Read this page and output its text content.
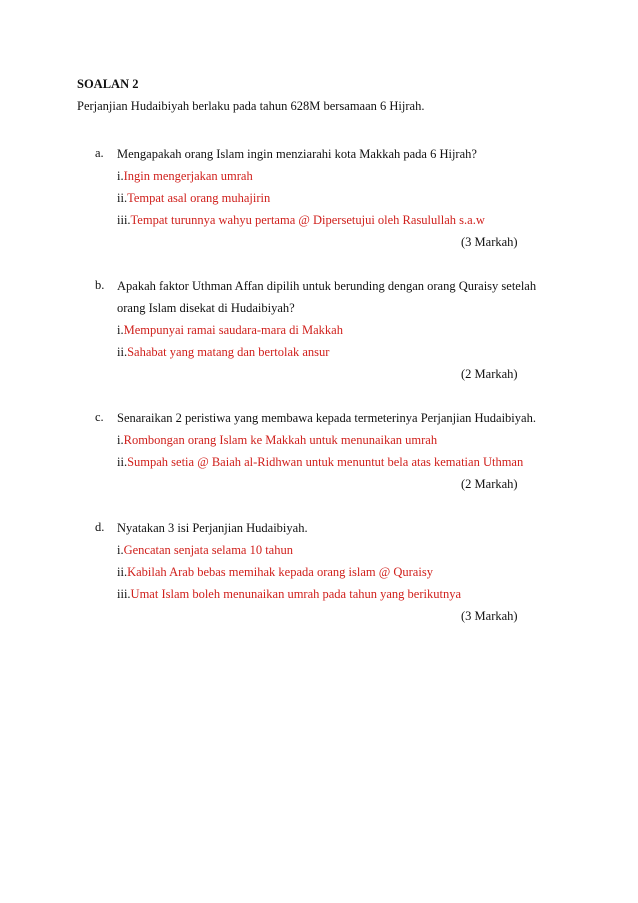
SOALAN 2
Perjanjian Hudaibiyah berlaku pada tahun 628M bersamaan 6 Hijrah.
a. Mengapakah orang Islam ingin menziarahi kota Makkah pada 6 Hijrah?
i.Ingin mengerjakan umrah
ii.Tempat asal orang muhajirin
iii.Tempat turunnya wahyu pertama @ Dipersetujui oleh Rasulullah s.a.w
(3 Markah)
b. Apakah faktor Uthman Affan dipilih untuk berunding dengan orang Quraisy setelah
orang Islam disekat di Hudaibiyah?
i.Mempunyai ramai saudara-mara di Makkah
ii.Sahabat yang matang dan bertolak ansur
(2 Markah)
c. Senaraikan 2 peristiwa yang membawa kepada termeterinya Perjanjian Hudaibiyah.
i.Rombongan orang Islam ke Makkah untuk menunaikan umrah
ii.Sumpah setia @ Baiah al-Ridhwan untuk menuntut bela atas kematian Uthman
(2 Markah)
d. Nyatakan 3 isi Perjanjian Hudaibiyah.
i.Gencatan senjata selama 10 tahun
ii.Kabilah Arab bebas memihak kepada orang islam @ Quraisy
iii.Umat Islam boleh menunaikan umrah pada tahun yang berikutnya
(3 Markah)
